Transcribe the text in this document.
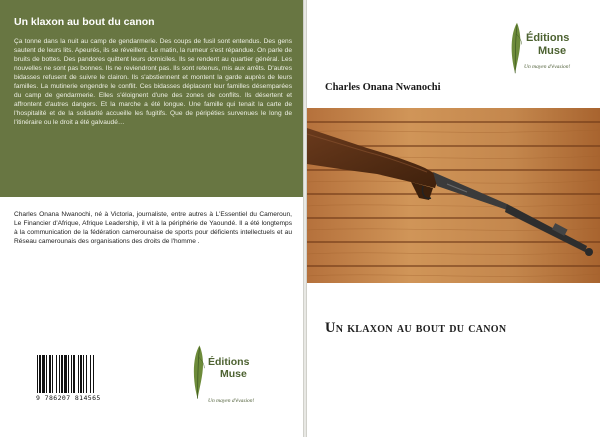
Un klaxon au bout du canon
Ça tonne dans la nuit au camp de gendarmerie. Des coups de fusil sont entendus. Des gens sautent de leurs lits. Apeurés, ils se réveillent. Le matin, la rumeur s'est répandue. On parle de bruits de bottes. Des pandores quittent leurs domiciles. Ils se rendent au quartier général. Les nouvelles ne sont pas bonnes. Ils ne reviendront pas. Ils sont retenus, mis aux arrêts. D'autres bidasses refusent de suivre le clairon. Ils s'abstiennent et montent la garde auprès de leurs familles. La mutinerie engendre le conflit. Ces bidasses déplacent leur familles désemparées du camp de gendarmerie. Elles s'éloignent d'une des zones de conflits. Ils désertent et affrontent d'autres dangers. Et la marche a été longue. Une famille qui tenait la carte de l'hospitalité et de la solidarité accueille les fugitifs. Que de péripéties survenues le long de l'itinéraire ou le droit a été galvaudé…
Charles Onana Nwanochi, né à Victoria, journaliste, entre autres à L'Essentiel du Cameroun, Le Financier d'Afrique, Afrique Leadership, il vit à la périphérie de Yaoundé. Il a été longtemps à la communication de la fédération camerounaise de sports pour déficients intellectuels et au Réseau camerounais des organisations des droits de l'homme .
9 786207 814565
Éditions
Muse
Un mayen d'évasion!
Charles Onana Nwanochi
Un klaxon au bout du canon
Éditions
Muse
Un mayen d'évasion!
